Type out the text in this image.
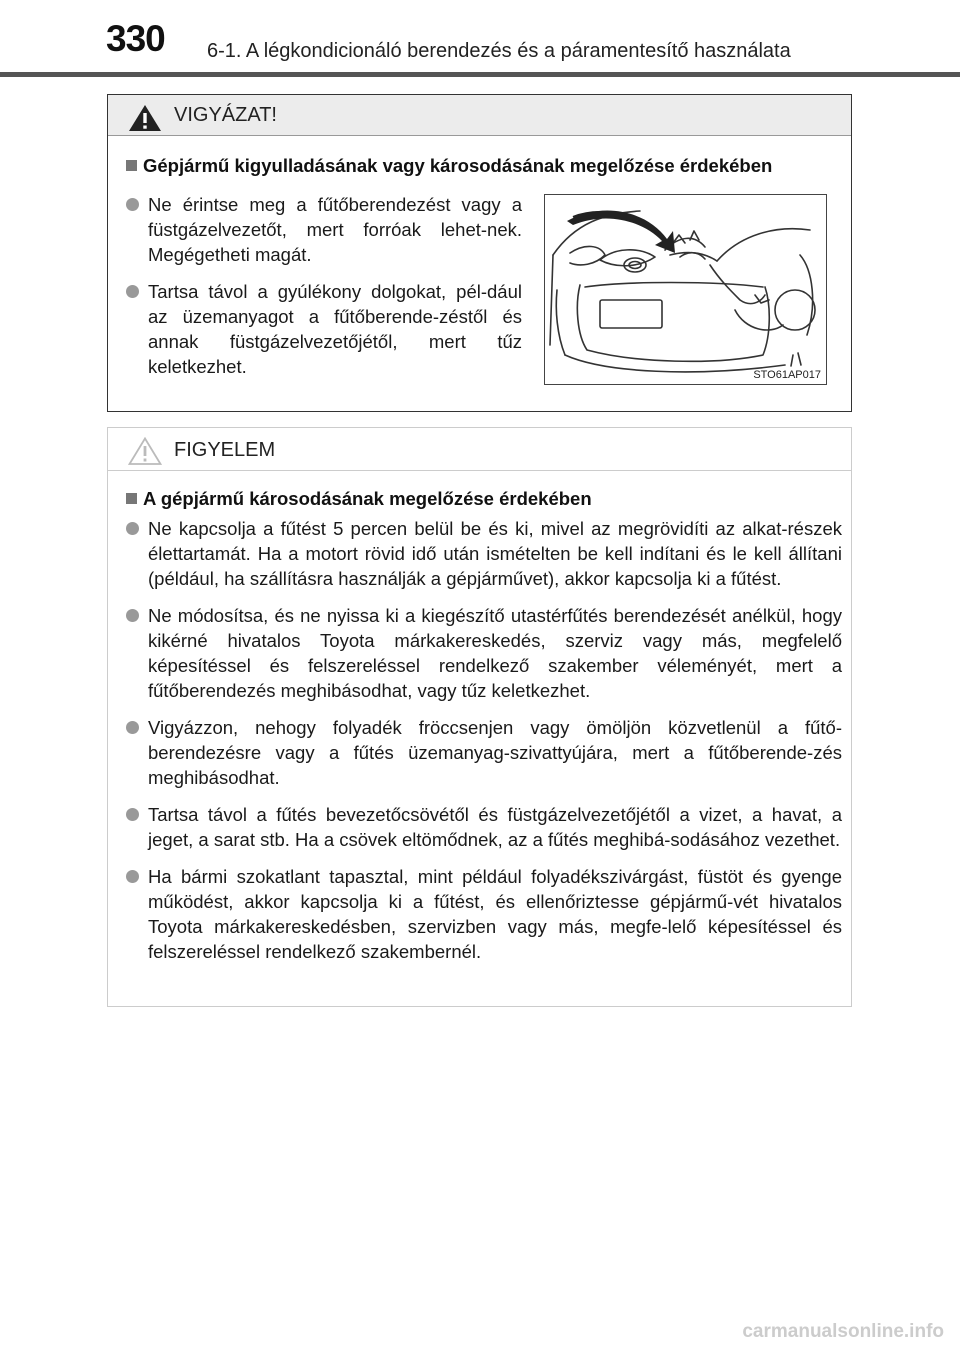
330 6-1. A légkondicionáló berendezés és a páramentesítő használata
VIGYÁZAT!
Gépjármű kigyulladásának vagy károsodásának megelőzése érdekében
Ne érintse meg a fűtőberendezést vagy a füstgázelvezetőt, mert forróak lehet-nek. Megégetheti magát.
Tartsa távol a gyúlékony dolgokat, pél-dául az üzemanyagot a fűtőberende-zéstől és annak füstgázelvezetőjétől, mert tűz keletkezhet.	STO61AP017
FIGYELEM
A gépjármű károsodásának megelőzése érdekében
Ne kapcsolja a fűtést 5 percen belül be és ki, mivel az megrövidíti az alkat-részek élettartamát. Ha a motort rövid idő után ismételten be kell indítani és le kell állítani (például, ha szállításra használják a gépjárművet), akkor kapcsolja ki a fűtést.
Ne módosítsa, és ne nyissa ki a kiegészítő utastérfűtés berendezését anélkül, hogy kikérné hivatalos Toyota márkakereskedés, szerviz vagy más, megfelelő képesítéssel és felszereléssel rendelkező szakember véleményét, mert a fűtőberendezés meghibásodhat, vagy tűz keletkezhet.
Vigyázzon, nehogy folyadék fröccsenjen vagy ömöljön közvetlenül a fűtő-berendezésre vagy a fűtés üzemanyag-szivattyújára, mert a fűtőberende-zés meghibásodhat.
Tartsa távol a fűtés bevezetőcsövétől és füstgázelvezetőjétől a vizet, a havat, a jeget, a sarat stb. Ha a csövek eltömődnek, az a fűtés meghibá-sodásához vezethet.
Ha bármi szokatlant tapasztal, mint például folyadékszivárgást, füstöt és gyenge működést, akkor kapcsolja ki a fűtést, és ellenőriztesse gépjármű-vét hivatalos Toyota márkakereskedésben, szervizben vagy más, megfe-lelő képesítéssel és felszereléssel rendelkező szakembernél.
carmanualsonline.info
